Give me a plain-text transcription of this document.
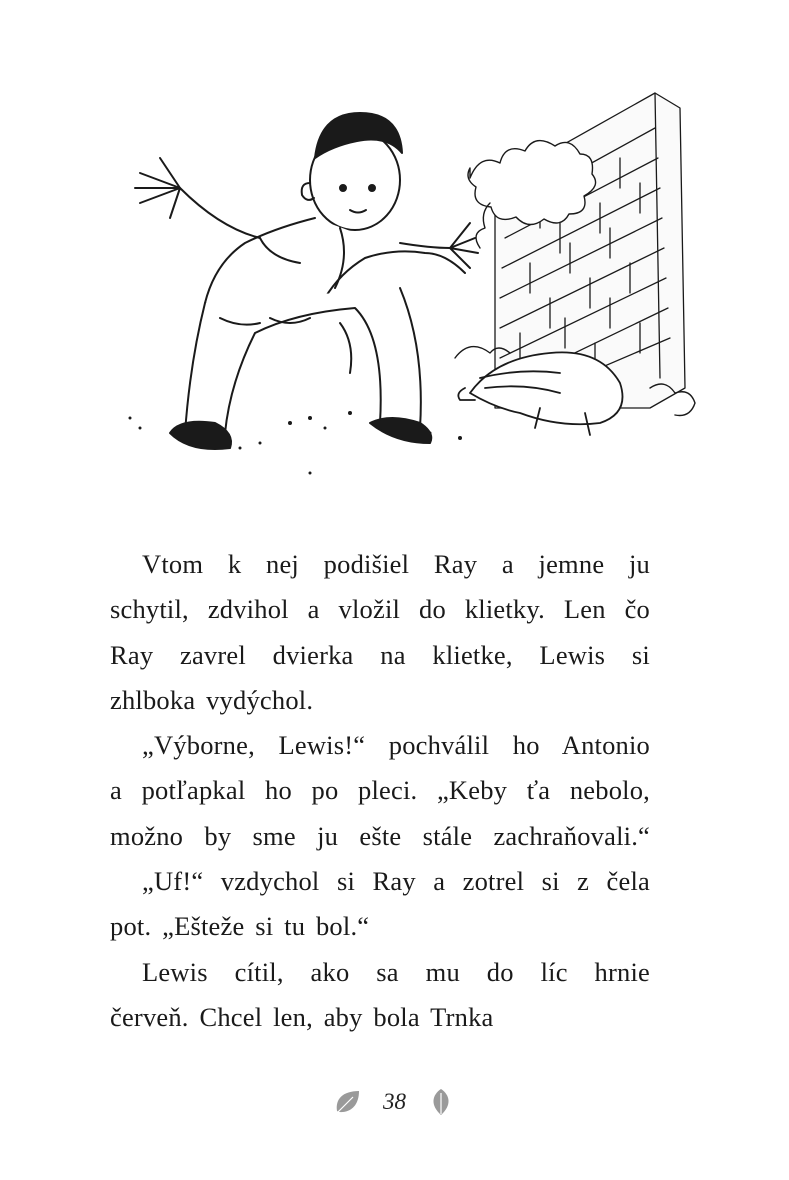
Vtom k nej podišiel Ray a jemne ju
schytil, zdvihol a vložil do klietky. Len čo
Ray zavrel dvierka na klietke, Lewis si
zhlboka vydýchol.
„Výborne, Lewis!“ pochválil ho Antonio
a potľapkal ho po pleci. „Keby ťa nebolo,
možno by sme ju ešte stále zachraňovali.“
„Uf!“ vzdychol si Ray a zotrel si z čela
pot. „Ešteže si tu bol.“
Lewis cítil, ako sa mu do líc hrnie
červeň. Chcel len, aby bola Trnka
38
